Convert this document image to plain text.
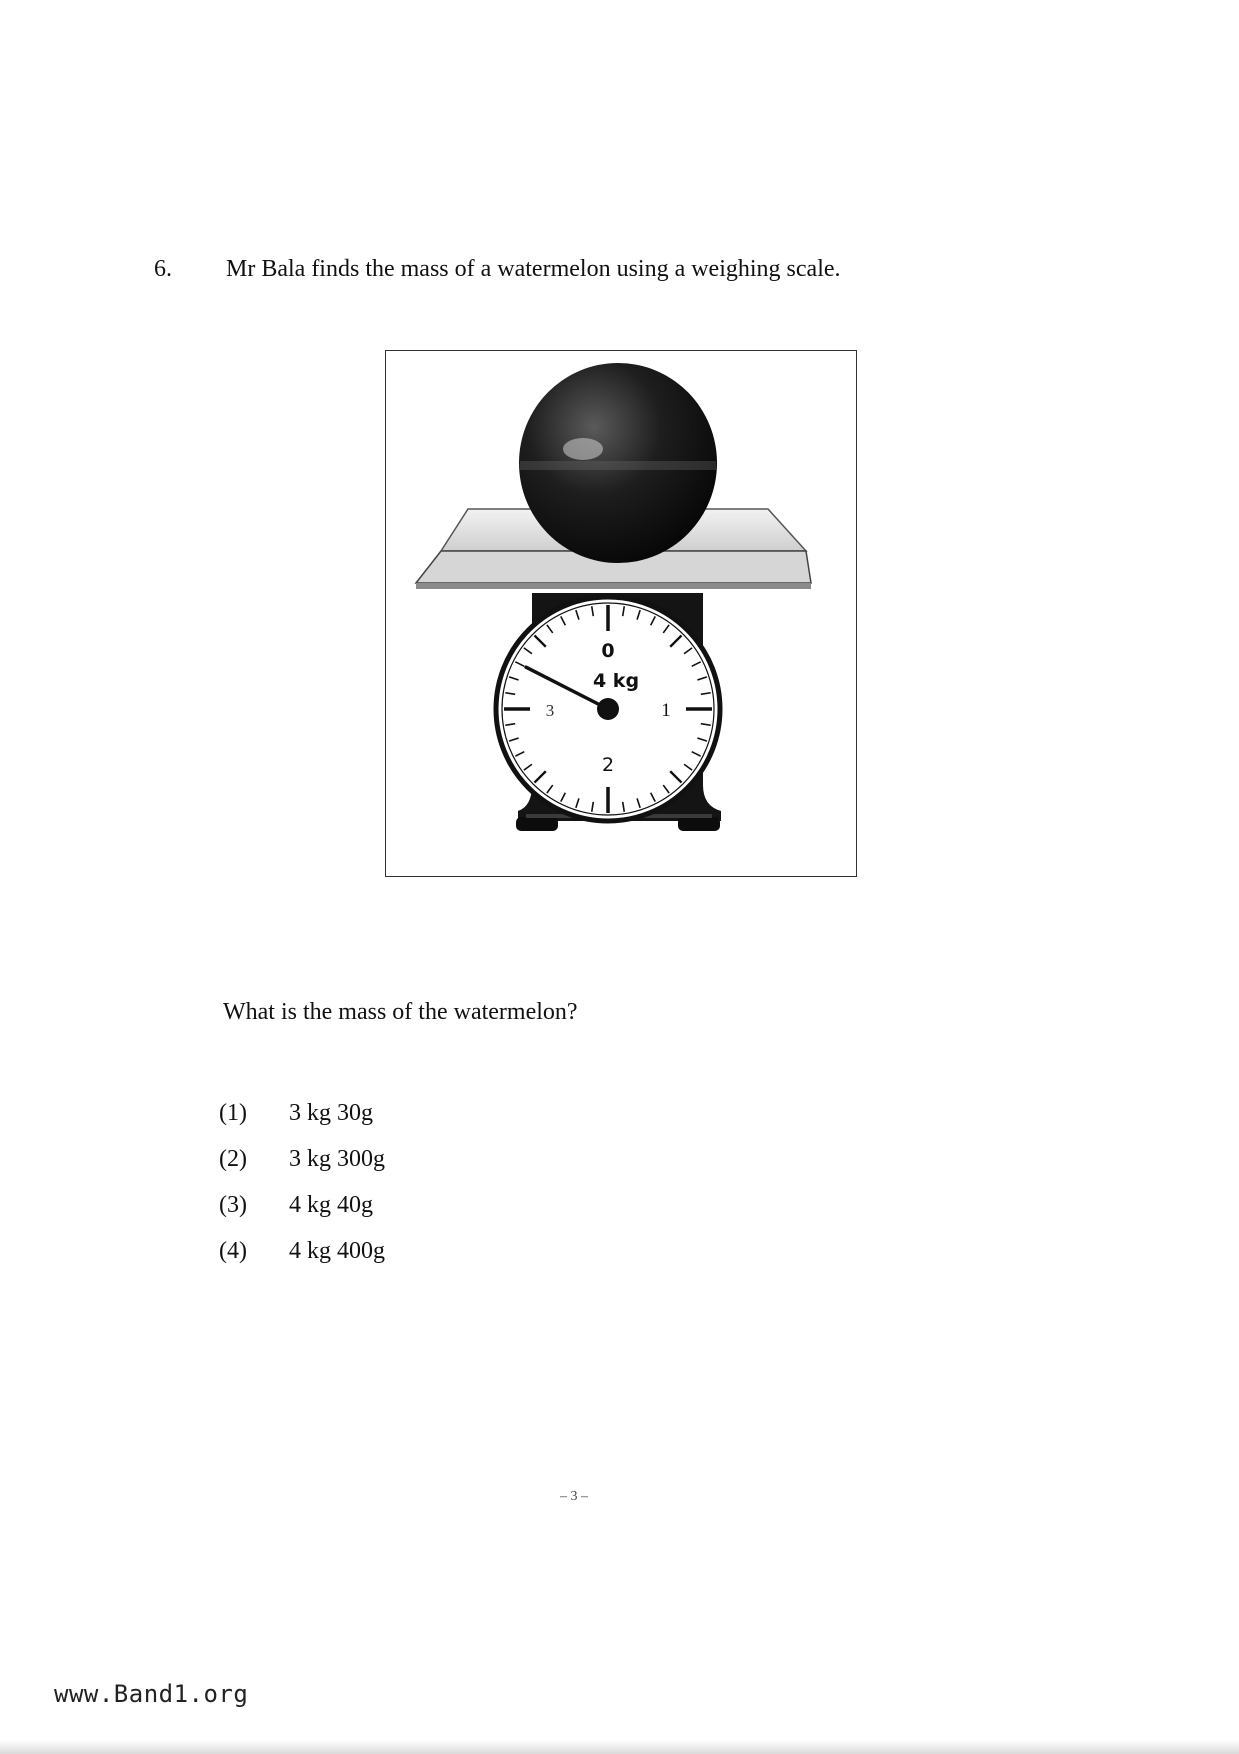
6. Mr Bala finds the mass of a watermelon using a weighing scale.
0
4 kg
1
2
3
What is the mass of the watermelon?
(1)	3 kg 30g
(2)	3 kg 300g
(3)	4 kg 40g
(4)	4 kg 400g
– 3 –
www.Band1.org
